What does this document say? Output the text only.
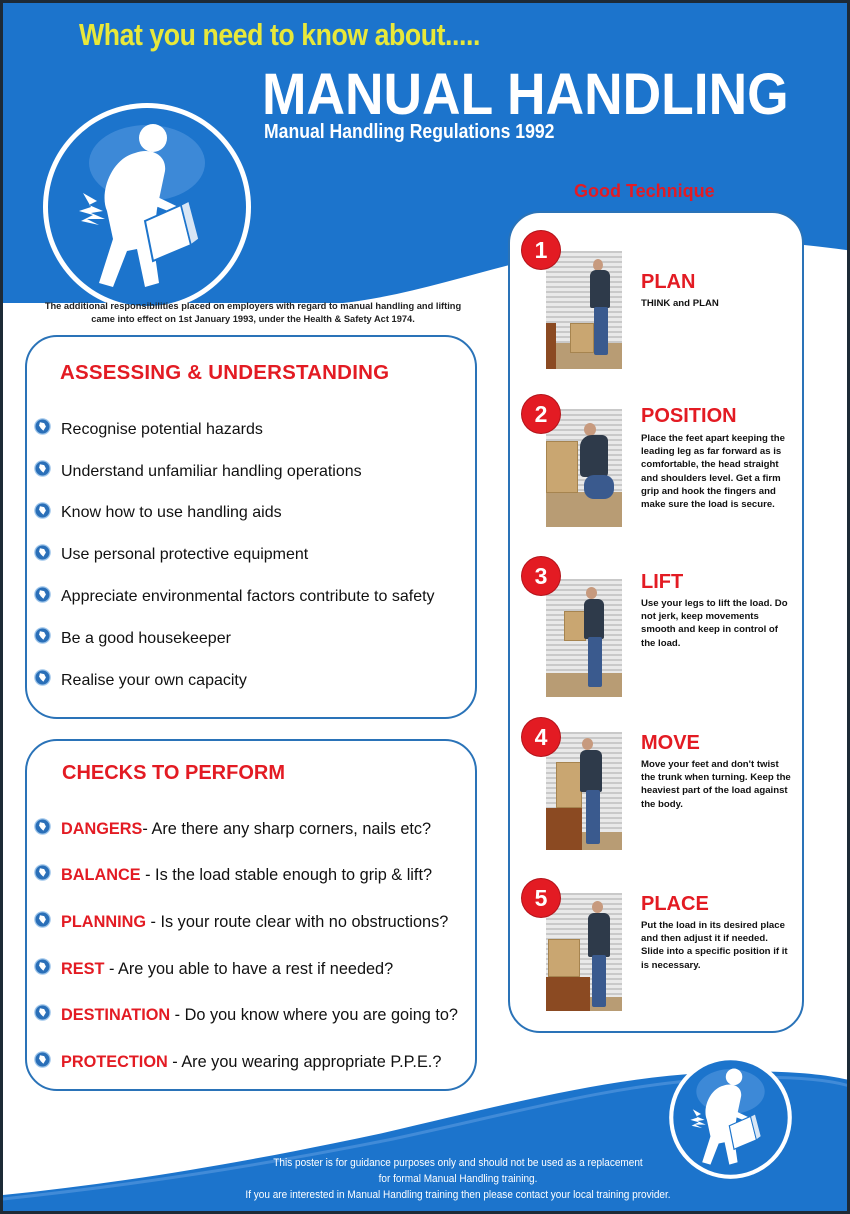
What you need to know about.....
MANUAL HANDLING
Manual Handling Regulations 1992
The additional responsibilities placed on employers with regard to manual handling and lifting
came into effect on 1st January 1993, under the Health & Safety Act 1974.
ASSESSING & UNDERSTANDING
Recognise potential hazards
Understand unfamiliar handling operations
Know how to use handling aids
Use personal protective equipment
Appreciate environmental factors contribute to safety
Be a good housekeeper
Realise your own capacity
CHECKS TO PERFORM
DANGERS - Are there any sharp corners, nails etc?
BALANCE - Is the load stable enough to grip & lift?
PLANNING - Is your route clear with no obstructions?
REST - Are you able to have a rest if needed?
DESTINATION - Do you know where you are going to?
PROTECTION - Are you wearing appropriate P.P.E.?
Good Technique
1
PLAN
THINK and PLAN
2	POSITION
Place the feet apart keeping the leading leg as far forward as is comfortable, the head straight and shoulders level. Get a firm grip and hook the fingers and make sure the load is secure.
3	LIFT
Use your legs to lift the load. Do not jerk, keep movements smooth and keep in control of the load.
4	MOVE
Move your feet and don't twist the trunk when turning. Keep the heaviest part of the load against the body.
5	PLACE
Put the load in its desired place and then adjust it if needed. Slide into a specific position if it is necessary.
This poster is for guidance purposes only and should not be used as a replacement
for formal Manual Handling training.
If you are interested in Manual Handling training then please contact your local training provider.
